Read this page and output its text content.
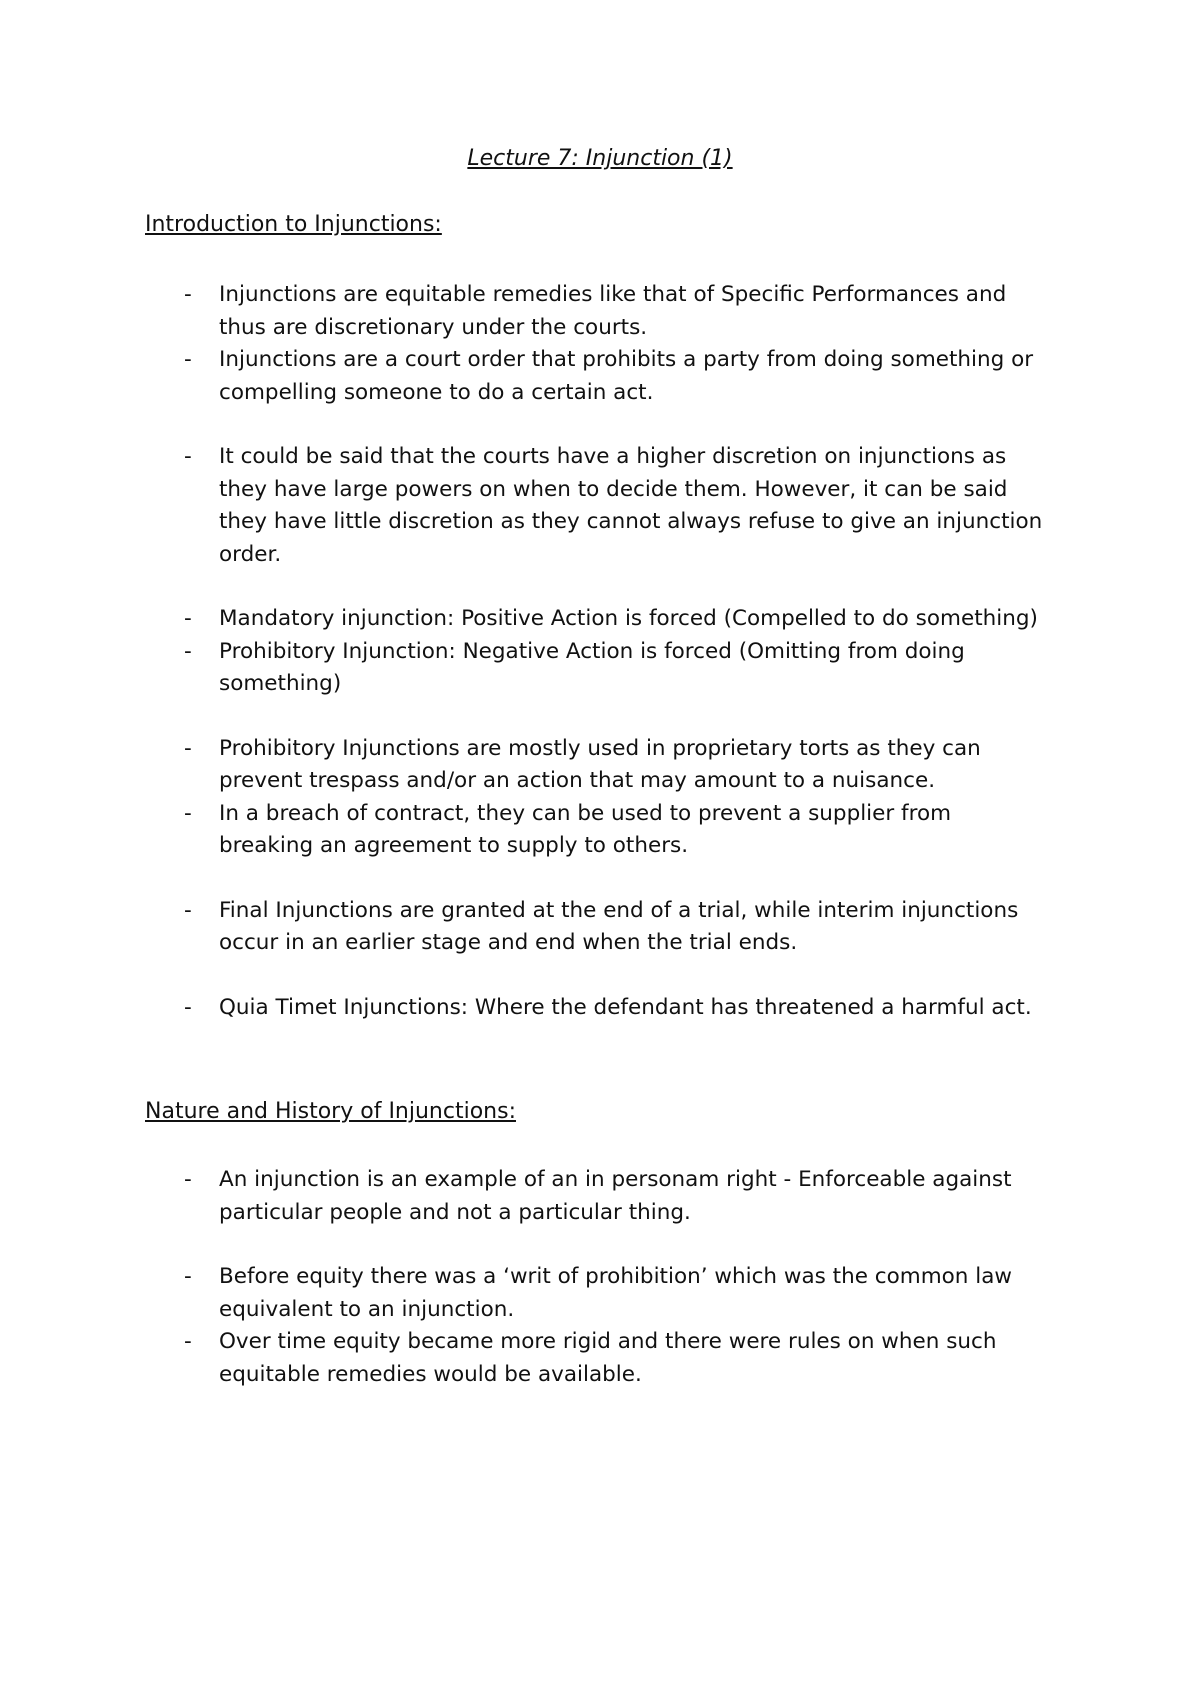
Lecture 7: Injunction (1)
Introduction to Injunctions:
- Injunctions are equitable remedies like that of Specific Performances and thus are discretionary under the courts.
- Injunctions are a court order that prohibits a party from doing something or compelling someone to do a certain act.
- It could be said that the courts have a higher discretion on injunctions as they have large powers on when to decide them. However, it can be said they have little discretion as they cannot always refuse to give an injunction order.
- Mandatory injunction: Positive Action is forced (Compelled to do something)
- Prohibitory Injunction: Negative Action is forced (Omitting from doing something)
- Prohibitory Injunctions are mostly used in proprietary torts as they can prevent trespass and/or an action that may amount to a nuisance.
- In a breach of contract, they can be used to prevent a supplier from breaking an agreement to supply to others.
- Final Injunctions are granted at the end of a trial, while interim injunctions occur in an earlier stage and end when the trial ends.
- Quia Timet Injunctions: Where the defendant has threatened a harmful act.
Nature and History of Injunctions:
- An injunction is an example of an in personam right - Enforceable against particular people and not a particular thing.
- Before equity there was a ‘writ of prohibition’ which was the common law equivalent to an injunction.
- Over time equity became more rigid and there were rules on when such equitable remedies would be available.
